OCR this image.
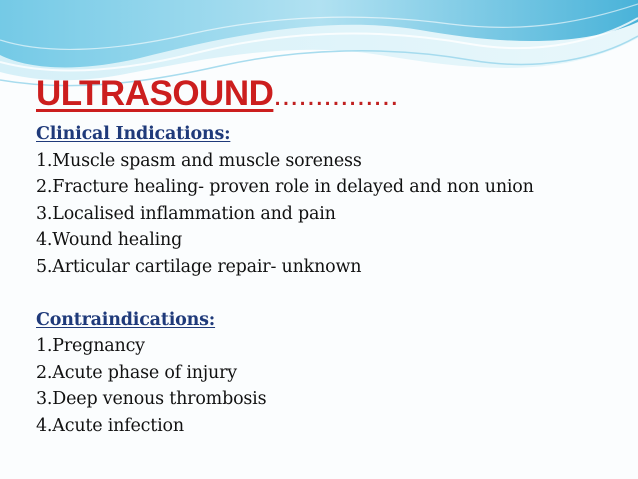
ULTRASOUND...............
Clinical Indications:
1.Muscle spasm and muscle soreness
2.Fracture healing- proven role in delayed and non union
3.Localised inflammation and pain
4.Wound healing
5.Articular cartilage repair- unknown
Contraindications:
1.Pregnancy
2.Acute phase of injury
3.Deep venous thrombosis
4.Acute infection
